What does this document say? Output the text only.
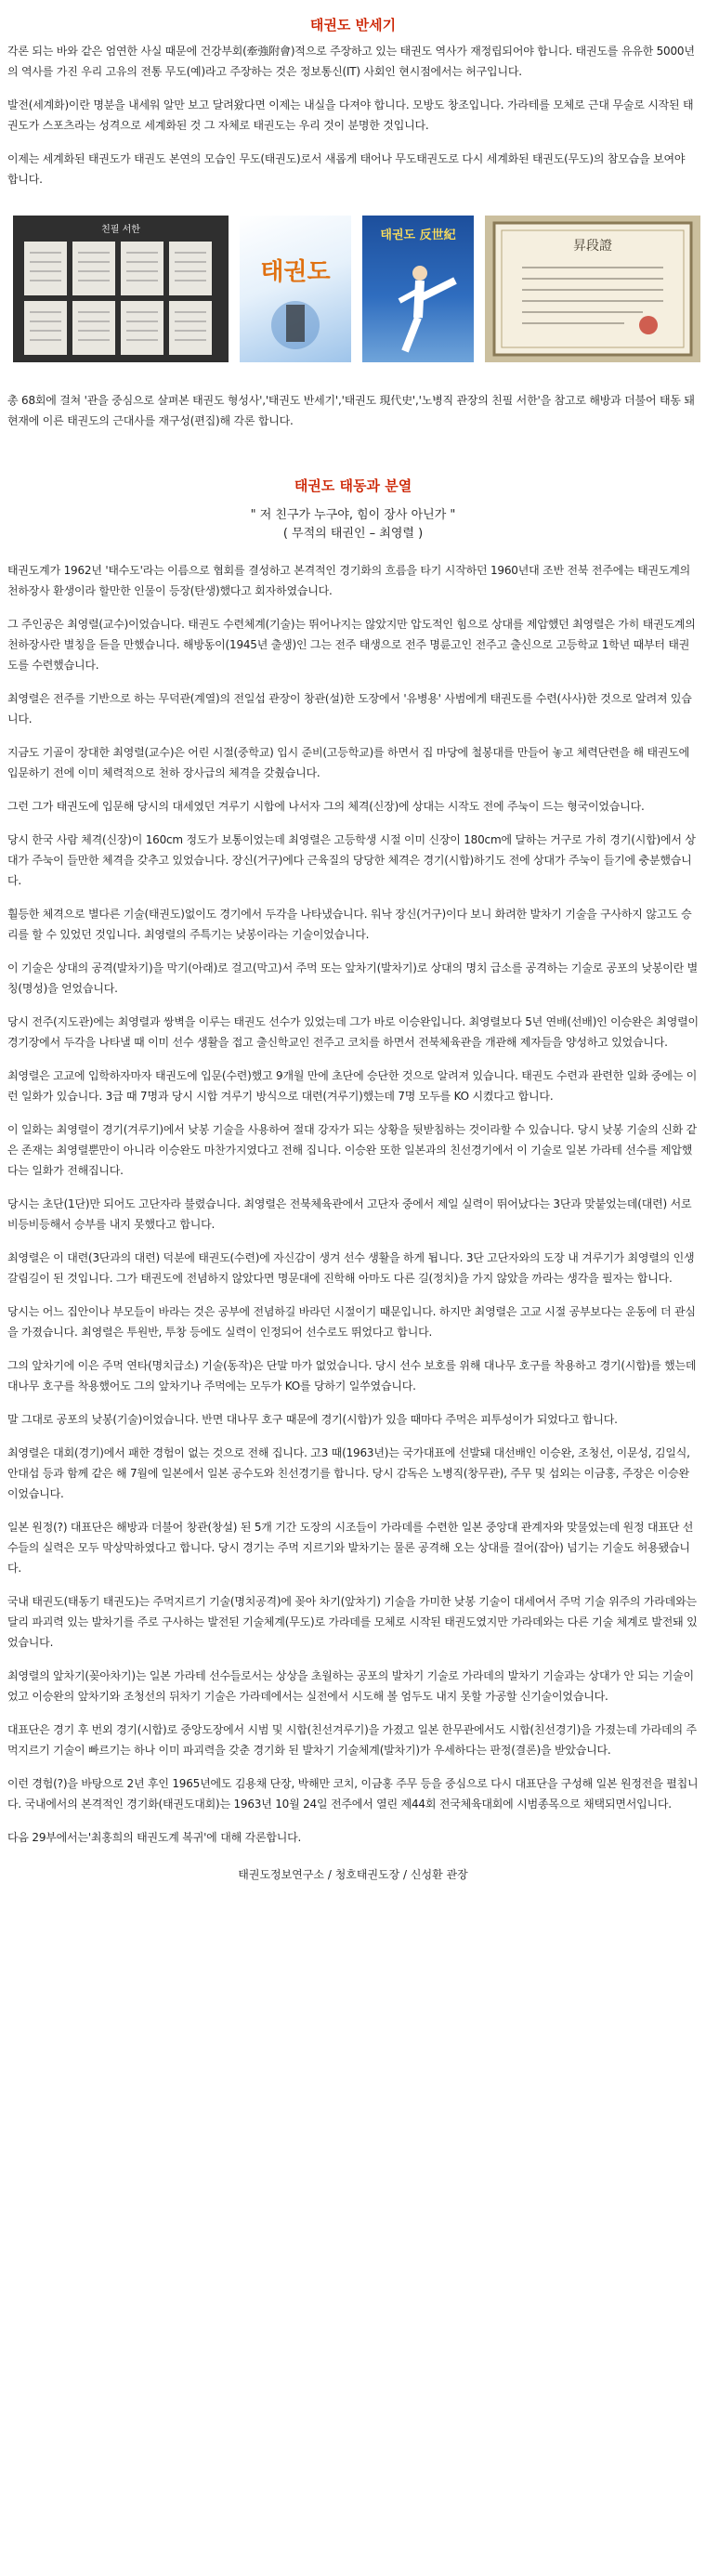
태권도 반세기

각론 되는 바와 같은 엄연한 사실 때문에 건강부회(牽強附會)적으로 주장하고 있는 태권도 역사가 재정립되어야 합니다. 태권도를 유유한 5000년의 역사를 가진 우리 고유의 전통 무도(예)라고 주장하는 것은 정보통신(IT) 사회인 현시점에서는 허구입니다.

발전(세계화)이란 명분을 내세워 알만 보고 달려왔다면 이제는 내실을 다져야 합니다. 모방도 창조입니다. 가라테를 모체로 근대 무술로 시작된 태권도가 스포츠라는 성격으로 세계화된 것 그 자체로 태권도는 우리 것이 분명한 것입니다.

이제는 세계화된 태권도가 태권도 본연의 모습인 무도(태권도)로서 새롭게 태어나 무도태권도로 다시 세계화된 태권도(무도)의 참모습을 보여야 합니다.

친필 서한
태권도
태권도 反世紀
昇段證

총 68회에 걸쳐 '관을 중심으로 살펴본 태권도 형성사','태권도 반세기','태권도 現代史','노병직 관장의 친필 서한'을 참고로 해방과 더불어 태동 돼 현재에 이른 태권도의 근대사를 재구성(편집)해 각론 합니다.

태권도 태동과 분열
" 저 친구가 누구야, 힘이 장사 아닌가 "
( 무적의 태권인 – 최영렬 )

태권도계가 1962년 '태수도'라는 이름으로 협회를 결성하고 본격적인 경기화의 흐름을 타기 시작하던 1960년대 조반 전북 전주에는 태권도계의 천하장사 환생이라 할만한 인물이 등장(탄생)했다고 회자하였습니다.

그 주인공은 최영렬(교수)이었습니다. 태권도 수련체계(기술)는 뛰어나지는 않았지만 압도적인 힘으로 상대를 제압했던 최영렬은 가히 태권도계의 천하장사란 별칭을 듣을 만했습니다. 해방동이(1945년 출생)인 그는 전주 태생으로 전주 명륜고인 전주고 출신으로 고등학교 1학년 때부터 태권도를 수련했습니다.

최영렬은 전주를 기반으로 하는 무덕관(계열)의 전일섭 관장이 창관(설)한 도장에서 '유병용' 사범에게 태권도를 수련(사사)한 것으로 알려져 있습니다.

지금도 기골이 장대한 최영렬(교수)은 어린 시절(중학교) 입시 준비(고등학교)를 하면서 집 마당에 철봉대를 만들어 놓고 체력단련을 해 태권도에 입문하기 전에 이미 체력적으로 천하 장사급의 체격을 갖췄습니다.

그런 그가 태권도에 입문해 당시의 대세였던 겨루기 시합에 나서자 그의 체격(신장)에 상대는 시작도 전에 주눅이 드는 형국이었습니다.

당시 한국 사람 체격(신장)이 160cm 정도가 보통이었는데 최영렬은 고등학생 시절 이미 신장이 180cm에 달하는 거구로 가히 경기(시합)에서 상대가 주눅이 들만한 체격을 갖추고 있었습니다. 장신(거구)에다 근육질의 당당한 체격은 경기(시합)하기도 전에 상대가 주눅이 들기에 충분했습니다.

훨등한 체격으로 별다른 기술(태권도)없이도 경기에서 두각을 나타냈습니다. 워낙 장신(거구)이다 보니 화려한 발차기 기술을 구사하지 않고도 승리를 할 수 있었던 것입니다. 최영렬의 주특기는 낮봉이라는 기술이었습니다.

이 기술은 상대의 공격(발차기)을 막기(아래)로 걸고(막고)서 주먹 또는 앞차기(발차기)로 상대의 명치 급소를 공격하는 기술로 공포의 낮봉이란 별칭(명성)을 얻었습니다.

당시 전주(지도관)에는 최영렬과 쌍벽을 이루는 태권도 선수가 있었는데 그가 바로 이승완입니다. 최영렬보다 5년 연배(선배)인 이승완은 최영렬이 경기장에서 두각을 나타낼 때 이미 선수 생활을 접고 출신학교인 전주고 코치를 하면서 전북체육관을 개관해 제자들을 양성하고 있었습니다.

최영렬은 고교에 입학하자마자 태권도에 입문(수련)했고 9개월 만에 초단에 승단한 것으로 알려져 있습니다. 태권도 수련과 관련한 일화 중에는 이런 일화가 있습니다. 3급 때 7명과 당시 시합 겨루기 방식으로 대련(겨루기)했는데 7명 모두를 KO 시켰다고 합니다.

이 일화는 최영렬이 경기(겨루기)에서 낮봉 기술을 사용하여 절대 강자가 되는 상황을 뒷받침하는 것이라할 수 있습니다. 당시 낮봉 기술의 신화 같은 존재는 최영렬뿐만이 아니라 이승완도 마찬가지였다고 전해 집니다. 이승완 또한 일본과의 친선경기에서 이 기술로 일본 가라테 선수를 제압했다는 일화가 전해집니다.

당시는 초단(1단)만 되어도 고단자라 불렸습니다. 최영렬은 전북체육관에서 고단자 중에서 제일 실력이 뛰어났다는 3단과 맞붙었는데(대련) 서로 비등비등해서 승부를 내지 못했다고 합니다.

최영렬은 이 대련(3단과의 대련) 덕분에 태권도(수련)에 자신감이 생겨 선수 생활을 하게 됩니다. 3단 고단자와의 도장 내 겨루기가 최영렬의 인생 갈림길이 된 것입니다. 그가 태권도에 전념하지 않았다면 명문대에 진학해 아마도 다른 길(정치)을 가지 않았을 까라는 생각을 필자는 합니다.

당시는 어느 집안이나 부모들이 바라는 것은 공부에 전념하길 바라던 시절이기 때문입니다. 하지만 최영렬은 고교 시절 공부보다는 운동에 더 관심을 가졌습니다. 최영렬은 투원반, 투창 등에도 실력이 인정되어 선수로도 뛰었다고 합니다.

그의 앞차기에 이은 주먹 연타(명치급소) 기술(동작)은 단말 마가 없었습니다. 당시 선수 보호를 위해 대나무 호구를 착용하고 경기(시합)를 했는데 대나무 호구를 착용했어도 그의 앞차기나 주먹에는 모두가 KO를 당하기 일쑤였습니다.

말 그대로 공포의 낮봉(기술)이었습니다. 반면 대나무 호구 때문에 경기(시합)가 있을 때마다 주먹은 피투성이가 되었다고 합니다.

최영렬은 대회(경기)에서 패한 경험이 없는 것으로 전해 집니다. 고3 때(1963년)는 국가대표에 선발돼 대선배인 이승완, 조청선, 이문성, 김일식, 안대섭 등과 함께 같은 해 7월에 일본에서 일본 공수도와 친선경기를 합니다. 당시 감독은 노병직(창무관), 주무 및 섭외는 이금홍, 주장은 이승완이었습니다.

일본 원정(?) 대표단은 해방과 더불어 창관(창설) 된 5개 기간 도장의 시조들이 가라데를 수련한 일본 중앙대 관계자와 맞물었는데 원정 대표단 선수들의 실력은 모두 막상막하였다고 합니다. 당시 경기는 주먹 지르기와 발차기는 물론 공격해 오는 상대를 걸어(잡아) 넘기는 기술도 허용됐습니다.

국내 태권도(태동기 태권도)는 주먹지르기 기술(명치공격)에 꽂아 차기(앞차기) 기술을 가미한 낮봉 기술이 대세여서 주먹 기술 위주의 가라데와는 달리 파괴력 있는 발차기를 주로 구사하는 발전된 기술체계(무도)로 가라데를 모체로 시작된 태권도였지만 가라데와는 다른 기술 체계로 발전돼 있었습니다.

최영렬의 앞차기(꽂아차기)는 일본 가라테 선수들로서는 상상을 초월하는 공포의 발차기 기술로 가라데의 발차기 기술과는 상대가 안 되는 기술이었고 이승완의 앞차기와 조청선의 뒤차기 기술은 가라데에서는 실전에서 시도해 볼 엄두도 내지 못할 가공할 신기술이었습니다.

대표단은 경기 후 번외 경기(시합)로 중앙도장에서 시범 및 시합(친선겨루기)을 가졌고 일본 한무관에서도 시합(친선경기)을 가졌는데 가라데의 주먹지르기 기술이 빠르기는 하나 이미 파괴력을 갖춘 경기화 된 발차기 기술체계(발차기)가 우세하다는 판정(결론)을 받았습니다.

이런 경험(?)을 바탕으로 2년 후인 1965년에도 김용채 단장, 박해만 코치, 이금홍 주무 등을 중심으로 다시 대표단을 구성해 일본 원정전을 펼칩니다. 국내에서의 본격적인 경기화(태권도대회)는 1963년 10월 24일 전주에서 열린 제44회 전국체육대회에 시범종목으로 채택되면서입니다.

다음 29부에서는'최홍희의 태권도계 복귀'에 대해 각론합니다.

태권도정보연구소 / 청호태권도장 / 신성환 관장
